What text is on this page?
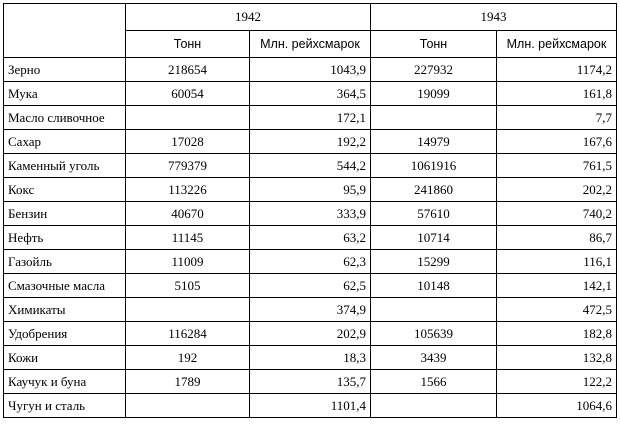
	1942		1943	
	Тонн	Млн. рейхсмарок	Тонн	Млн. рейхсмарок
Зерно	218654	1043,9	227932	1174,2
Мука	60054	364,5	19099	161,8
Масло сливочное		172,1		7,7
Сахар	17028	192,2	14979	167,6
Каменный уголь	779379	544,2	1061916	761,5
Кокс	113226	95,9	241860	202,2
Бензин	40670	333,9	57610	740,2
Нефть	11145	63,2	10714	86,7
Газойль	11009	62,3	15299	116,1
Смазочные масла	5105	62,5	10148	142,1
Химикаты		374,9		472,5
Удобрения	116284	202,9	105639	182,8
Кожи	192	18,3	3439	132,8
Каучук и буна	1789	135,7	1566	122,2
Чугун и сталь		1101,4		1064,6
